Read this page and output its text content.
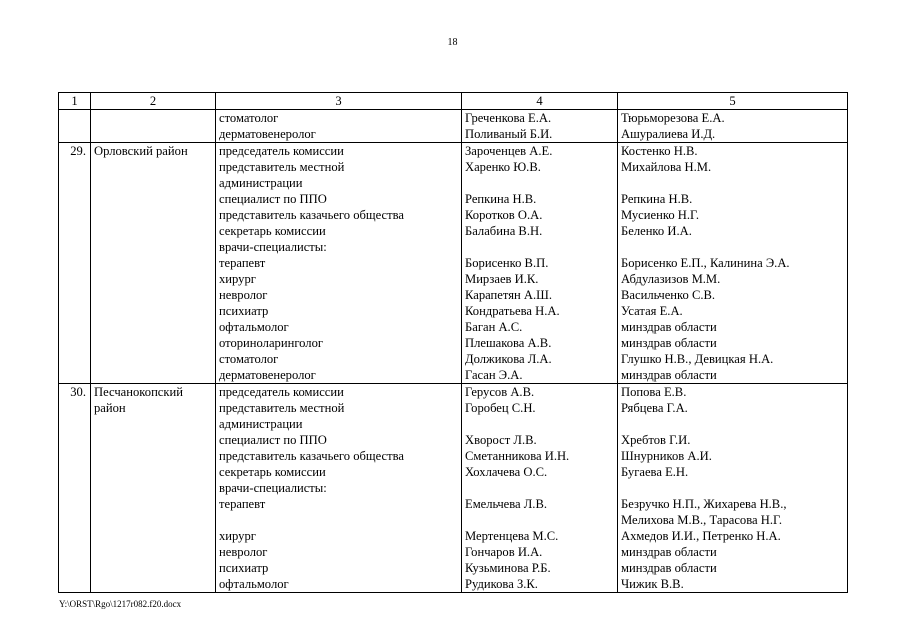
18
1	2	3	4	5
		стоматолог	Греченкова Е.А.	Тюрьморезова Е.А.
		дерматовенеролог	Поливаный Б.И.	Ашуралиева И.Д.
29.	Орловский район	председатель комиссии	Зароченцев А.Е.	Костенко Н.В.
		представитель местной	Харенко Ю.В.	Михайлова Н.М.
		администрации		
		специалист по ППО	Репкина Н.В.	Репкина Н.В.
		представитель казачьего общества	Коротков О.А.	Мусиенко Н.Г.
		секретарь комиссии	Балабина В.Н.	Беленко И.А.
		врачи-специалисты:		
		терапевт	Борисенко В.П.	Борисенко Е.П., Калинина Э.А.
		хирург	Мирзаев И.К.	Абдулазизов М.М.
		невролог	Карапетян А.Ш.	Васильченко С.В.
		психиатр	Кондратьева Н.А.	Усатая Е.А.
		офтальмолог	Баган А.С.	минздрав области
		оториноларинголог	Плешакова А.В.	минздрав области
		стоматолог	Должикова Л.А.	Глушко Н.В., Девицкая Н.А.
		дерматовенеролог	Гасан Э.А.	минздрав области
30.	Песчанокопский	председатель комиссии	Герусов А.В.	Попова Е.В.
	район	представитель местной	Горобец С.Н.	Рябцева Г.А.
		администрации		
		специалист по ППО	Хворост Л.В.	Хребтов Г.И.
		представитель казачьего общества	Сметанникова И.Н.	Шнурников А.И.
		секретарь комиссии	Хохлачева О.С.	Бугаева Е.Н.
		врачи-специалисты:		
		терапевт	Емельчева Л.В.	Безручко Н.П., Жихарева Н.В.,
				Мелихова М.В., Тарасова Н.Г.
		хирург	Мертенцева М.С.	Ахмедов И.И., Петренко Н.А.
		невролог	Гончаров И.А.	минздрав области
		психиатр	Кузьминова Р.Б.	минздрав области
		офтальмолог	Рудикова З.К.	Чижик В.В.
Y:\ORST\Rgo\1217r082.f20.docx
